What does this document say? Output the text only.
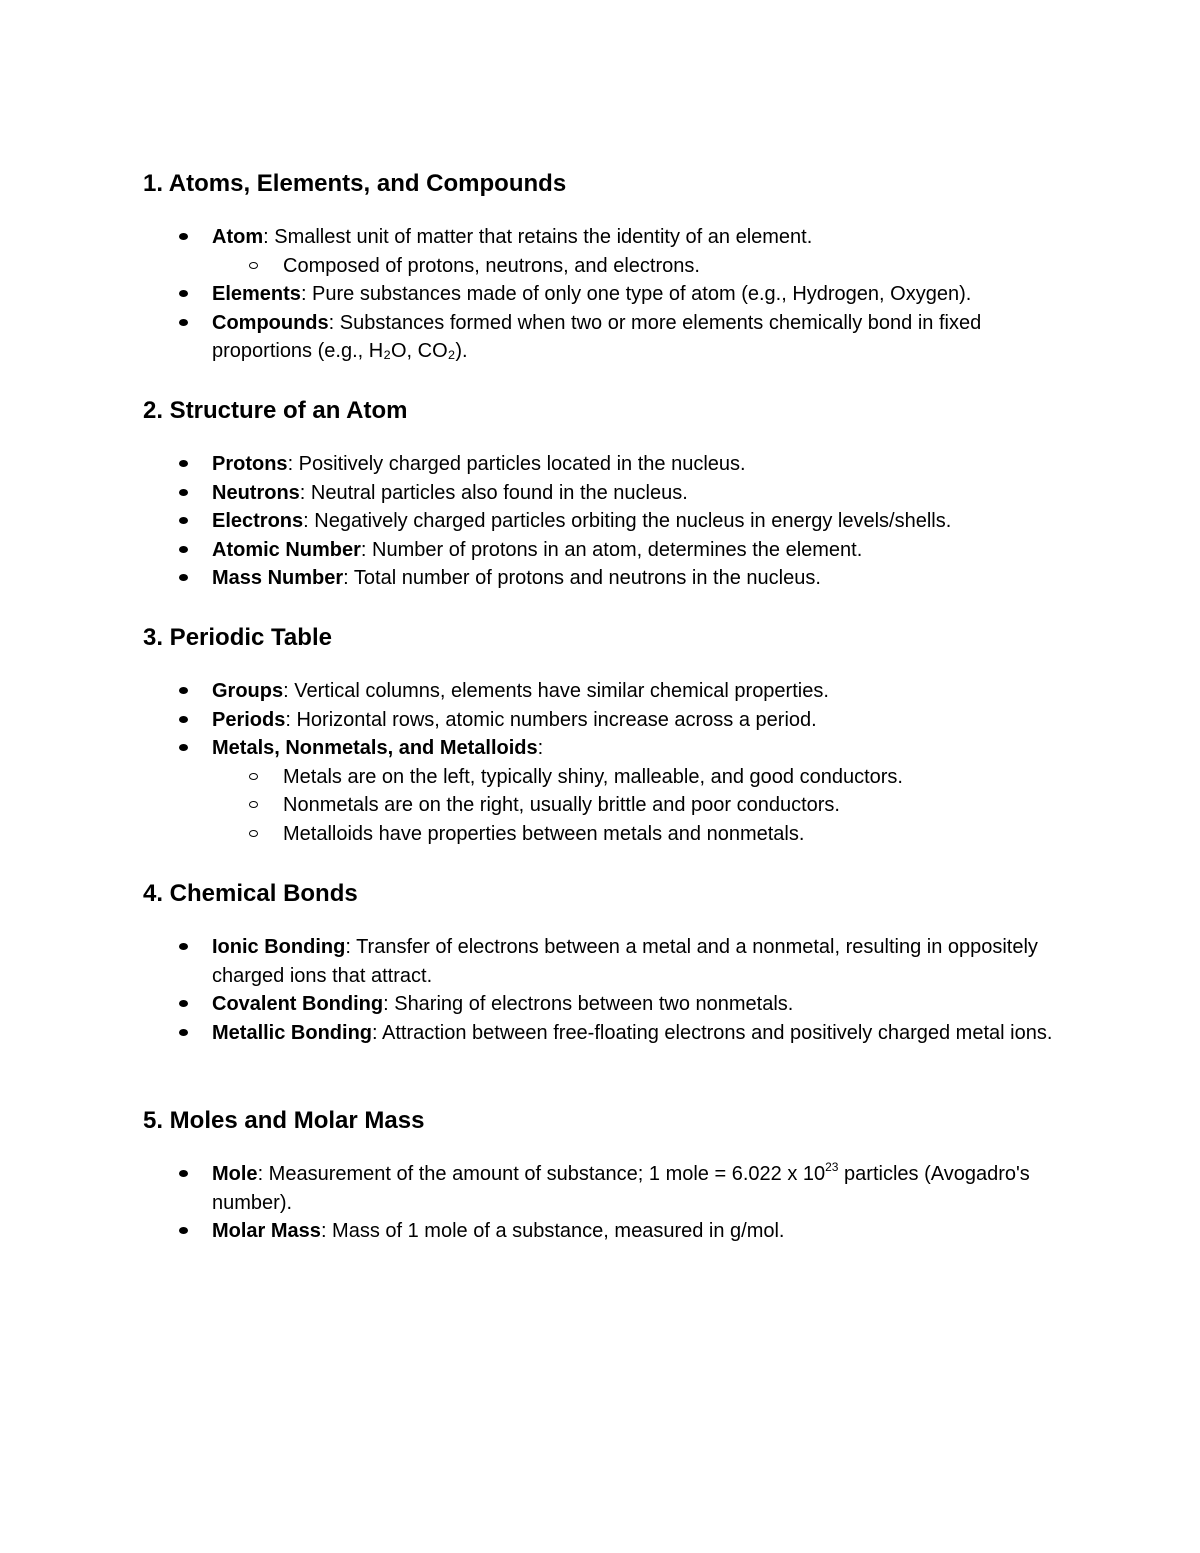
1. Atoms, Elements, and Compounds
Atom: Smallest unit of matter that retains the identity of an element.
Composed of protons, neutrons, and electrons.
Elements: Pure substances made of only one type of atom (e.g., Hydrogen, Oxygen).
Compounds: Substances formed when two or more elements chemically bond in fixed proportions (e.g., H₂O, CO₂).
2. Structure of an Atom
Protons: Positively charged particles located in the nucleus.
Neutrons: Neutral particles also found in the nucleus.
Electrons: Negatively charged particles orbiting the nucleus in energy levels/shells.
Atomic Number: Number of protons in an atom, determines the element.
Mass Number: Total number of protons and neutrons in the nucleus.
3. Periodic Table
Groups: Vertical columns, elements have similar chemical properties.
Periods: Horizontal rows, atomic numbers increase across a period.
Metals, Nonmetals, and Metalloids:
Metals are on the left, typically shiny, malleable, and good conductors.
Nonmetals are on the right, usually brittle and poor conductors.
Metalloids have properties between metals and nonmetals.
4. Chemical Bonds
Ionic Bonding: Transfer of electrons between a metal and a nonmetal, resulting in oppositely charged ions that attract.
Covalent Bonding: Sharing of electrons between two nonmetals.
Metallic Bonding: Attraction between free-floating electrons and positively charged metal ions.
5. Moles and Molar Mass
Mole: Measurement of the amount of substance; 1 mole = 6.022 x $10^{23}$ particles (Avogadro's number).
Molar Mass: Mass of 1 mole of a substance, measured in g/mol.
